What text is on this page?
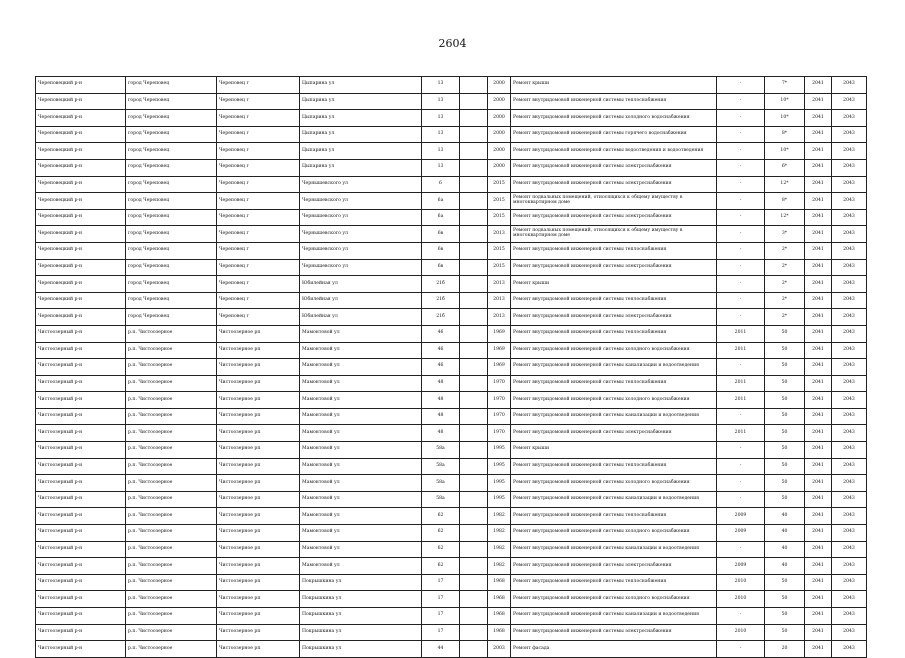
2604
Череповецкий р-н	город Череповец	Череповец г	Цыпарина ул	13		2000	Ремонт крыши	-	7*	2041	2043
Череповецкий р-н	город Череповец	Череповец г	Цыпарина ул	13		2000	Ремонт внутридомовой инженерной системы теплоснабжения	-	10*	2041	2043
Череповецкий р-н	город Череповец	Череповец г	Цыпарина ул	13		2000	Ремонт внутридомовой инженерной системы холодного водоснабжения	-	10*	2041	2043
Череповецкий р-н	город Череповец	Череповец г	Цыпарина ул	13		2000	Ремонт внутридомовой инженерной системы горячего водоснабжения	-	8*	2041	2043
Череповецкий р-н	город Череповец	Череповец г	Цыпарина ул	13		2000	Ремонт внутридомовой инженерной системы водоотведения и водоотведения	-	10*	2041	2043
Череповецкий р-н	город Череповец	Череповец г	Цыпарина ул	13		2000	Ремонт внутридомовой инженерной системы электроснабжения	-	6*	2041	2043
Череповецкий р-н	город Череповец	Череповец г	Чернышевского ул	6		2015	Ремонт внутридомовой инженерной системы электроснабжения	-	12*	2041	2043
Череповецкий р-н	город Череповец	Череповец г	Чернышевского ул	6а		2015	Ремонт подвальных помещений, относящихся к общему имуществу в многоквартирном доме	-	8*	2041	2043
Череповецкий р-н	город Череповец	Череповец г	Чернышевского ул	6а		2015	Ремонт внутридомовой инженерной системы электроснабжения	-	12*	2041	2043
Череповецкий р-н	город Череповец	Череповец г	Чернышевского ул	6в		2013	Ремонт подвальных помещений, относящихся к общему имуществу в многоквартирном доме	-	3*	2041	2043
Череповецкий р-н	город Череповец	Череповец г	Чернышевского ул	6в		2015	Ремонт внутридомовой инженерной системы теплоснабжения	-	2*	2041	2043
Череповецкий р-н	город Череповец	Череповец г	Чернышевского ул	6в		2015	Ремонт внутридомовой инженерной системы электроснабжения	-	2*	2041	2043
Череповецкий р-н	город Череповец	Череповец г	Юбилейная ул	21б		2013	Ремонт крыши	-	2*	2041	2043
Череповецкий р-н	город Череповец	Череповец г	Юбилейная ул	21б		2013	Ремонт внутридомовой инженерной системы теплоснабжения	-	2*	2041	2043
Череповецкий р-н	город Череповец	Череповец г	Юбилейная ул	21б		2013	Ремонт внутридомовой инженерной системы электроснабжения	-	2*	2041	2043
Чистоозерный р-н	р.п. Чистоозерное	Чистоозерное рп	Мамонтовой ул	46		1969	Ремонт внутридомовой инженерной системы теплоснабжения	2011	50	2041	2043
Чистоозерный р-н	р.п. Чистоозерное	Чистоозерное рп	Мамонтовой ул	46		1969	Ремонт внутридомовой инженерной системы холодного водоснабжения	2011	50	2041	2043
Чистоозерный р-н	р.п. Чистоозерное	Чистоозерное рп	Мамонтовой ул	46		1969	Ремонт внутридомовой инженерной системы канализации и водоотведения	-	50	2041	2043
Чистоозерный р-н	р.п. Чистоозерное	Чистоозерное рп	Мамонтовой ул	48		1970	Ремонт внутридомовой инженерной системы теплоснабжения	2011	50	2041	2043
Чистоозерный р-н	р.п. Чистоозерное	Чистоозерное рп	Мамонтовой ул	48		1970	Ремонт внутридомовой инженерной системы холодного водоснабжения	2011	50	2041	2043
Чистоозерный р-н	р.п. Чистоозерное	Чистоозерное рп	Мамонтовой ул	48		1970	Ремонт внутридомовой инженерной системы канализации и водоотведения	-	50	2041	2043
Чистоозерный р-н	р.п. Чистоозерное	Чистоозерное рп	Мамонтовой ул	48		1970	Ремонт внутридомовой инженерной системы электроснабжения	2011	50	2041	2043
Чистоозерный р-н	р.п. Чистоозерное	Чистоозерное рп	Мамонтовой ул	58а		1995	Ремонт крыши	-	50	2041	2043
Чистоозерный р-н	р.п. Чистоозерное	Чистоозерное рп	Мамонтовой ул	58а		1995	Ремонт внутридомовой инженерной системы теплоснабжения	-	50	2041	2043
Чистоозерный р-н	р.п. Чистоозерное	Чистоозерное рп	Мамонтовой ул	58а		1995	Ремонт внутридомовой инженерной системы холодного водоснабжения	-	50	2041	2043
Чистоозерный р-н	р.п. Чистоозерное	Чистоозерное рп	Мамонтовой ул	58а		1995	Ремонт внутридомовой инженерной системы канализации и водоотведения	-	50	2041	2043
Чистоозерный р-н	р.п. Чистоозерное	Чистоозерное рп	Мамонтовой ул	62		1982	Ремонт внутридомовой инженерной системы теплоснабжения	2009	40	2041	2043
Чистоозерный р-н	р.п. Чистоозерное	Чистоозерное рп	Мамонтовой ул	62		1982	Ремонт внутридомовой инженерной системы холодного водоснабжения	2009	40	2041	2043
Чистоозерный р-н	р.п. Чистоозерное	Чистоозерное рп	Мамонтовой ул	62		1982	Ремонт внутридомовой инженерной системы канализации и водоотведения	-	40	2041	2043
Чистоозерный р-н	р.п. Чистоозерное	Чистоозерное рп	Мамонтовой ул	62		1982	Ремонт внутридомовой инженерной системы электроснабжения	2009	40	2041	2043
Чистоозерный р-н	р.п. Чистоозерное	Чистоозерное рп	Покрышкина ул	17		1968	Ремонт внутридомовой инженерной системы теплоснабжения	2010	50	2041	2043
Чистоозерный р-н	р.п. Чистоозерное	Чистоозерное рп	Покрышкина ул	17		1968	Ремонт внутридомовой инженерной системы холодного водоснабжения	2010	50	2041	2043
Чистоозерный р-н	р.п. Чистоозерное	Чистоозерное рп	Покрышкина ул	17		1968	Ремонт внутридомовой инженерной системы канализации и водоотведения	-	50	2041	2043
Чистоозерный р-н	р.п. Чистоозерное	Чистоозерное рп	Покрышкина ул	17		1968	Ремонт внутридомовой инженерной системы электроснабжения	2010	50	2041	2043
Чистоозерный р-н	р.п. Чистоозерное	Чистоозерное рп	Покрышкина ул	44		2003	Ремонт фасада	-	20	2041	2043
